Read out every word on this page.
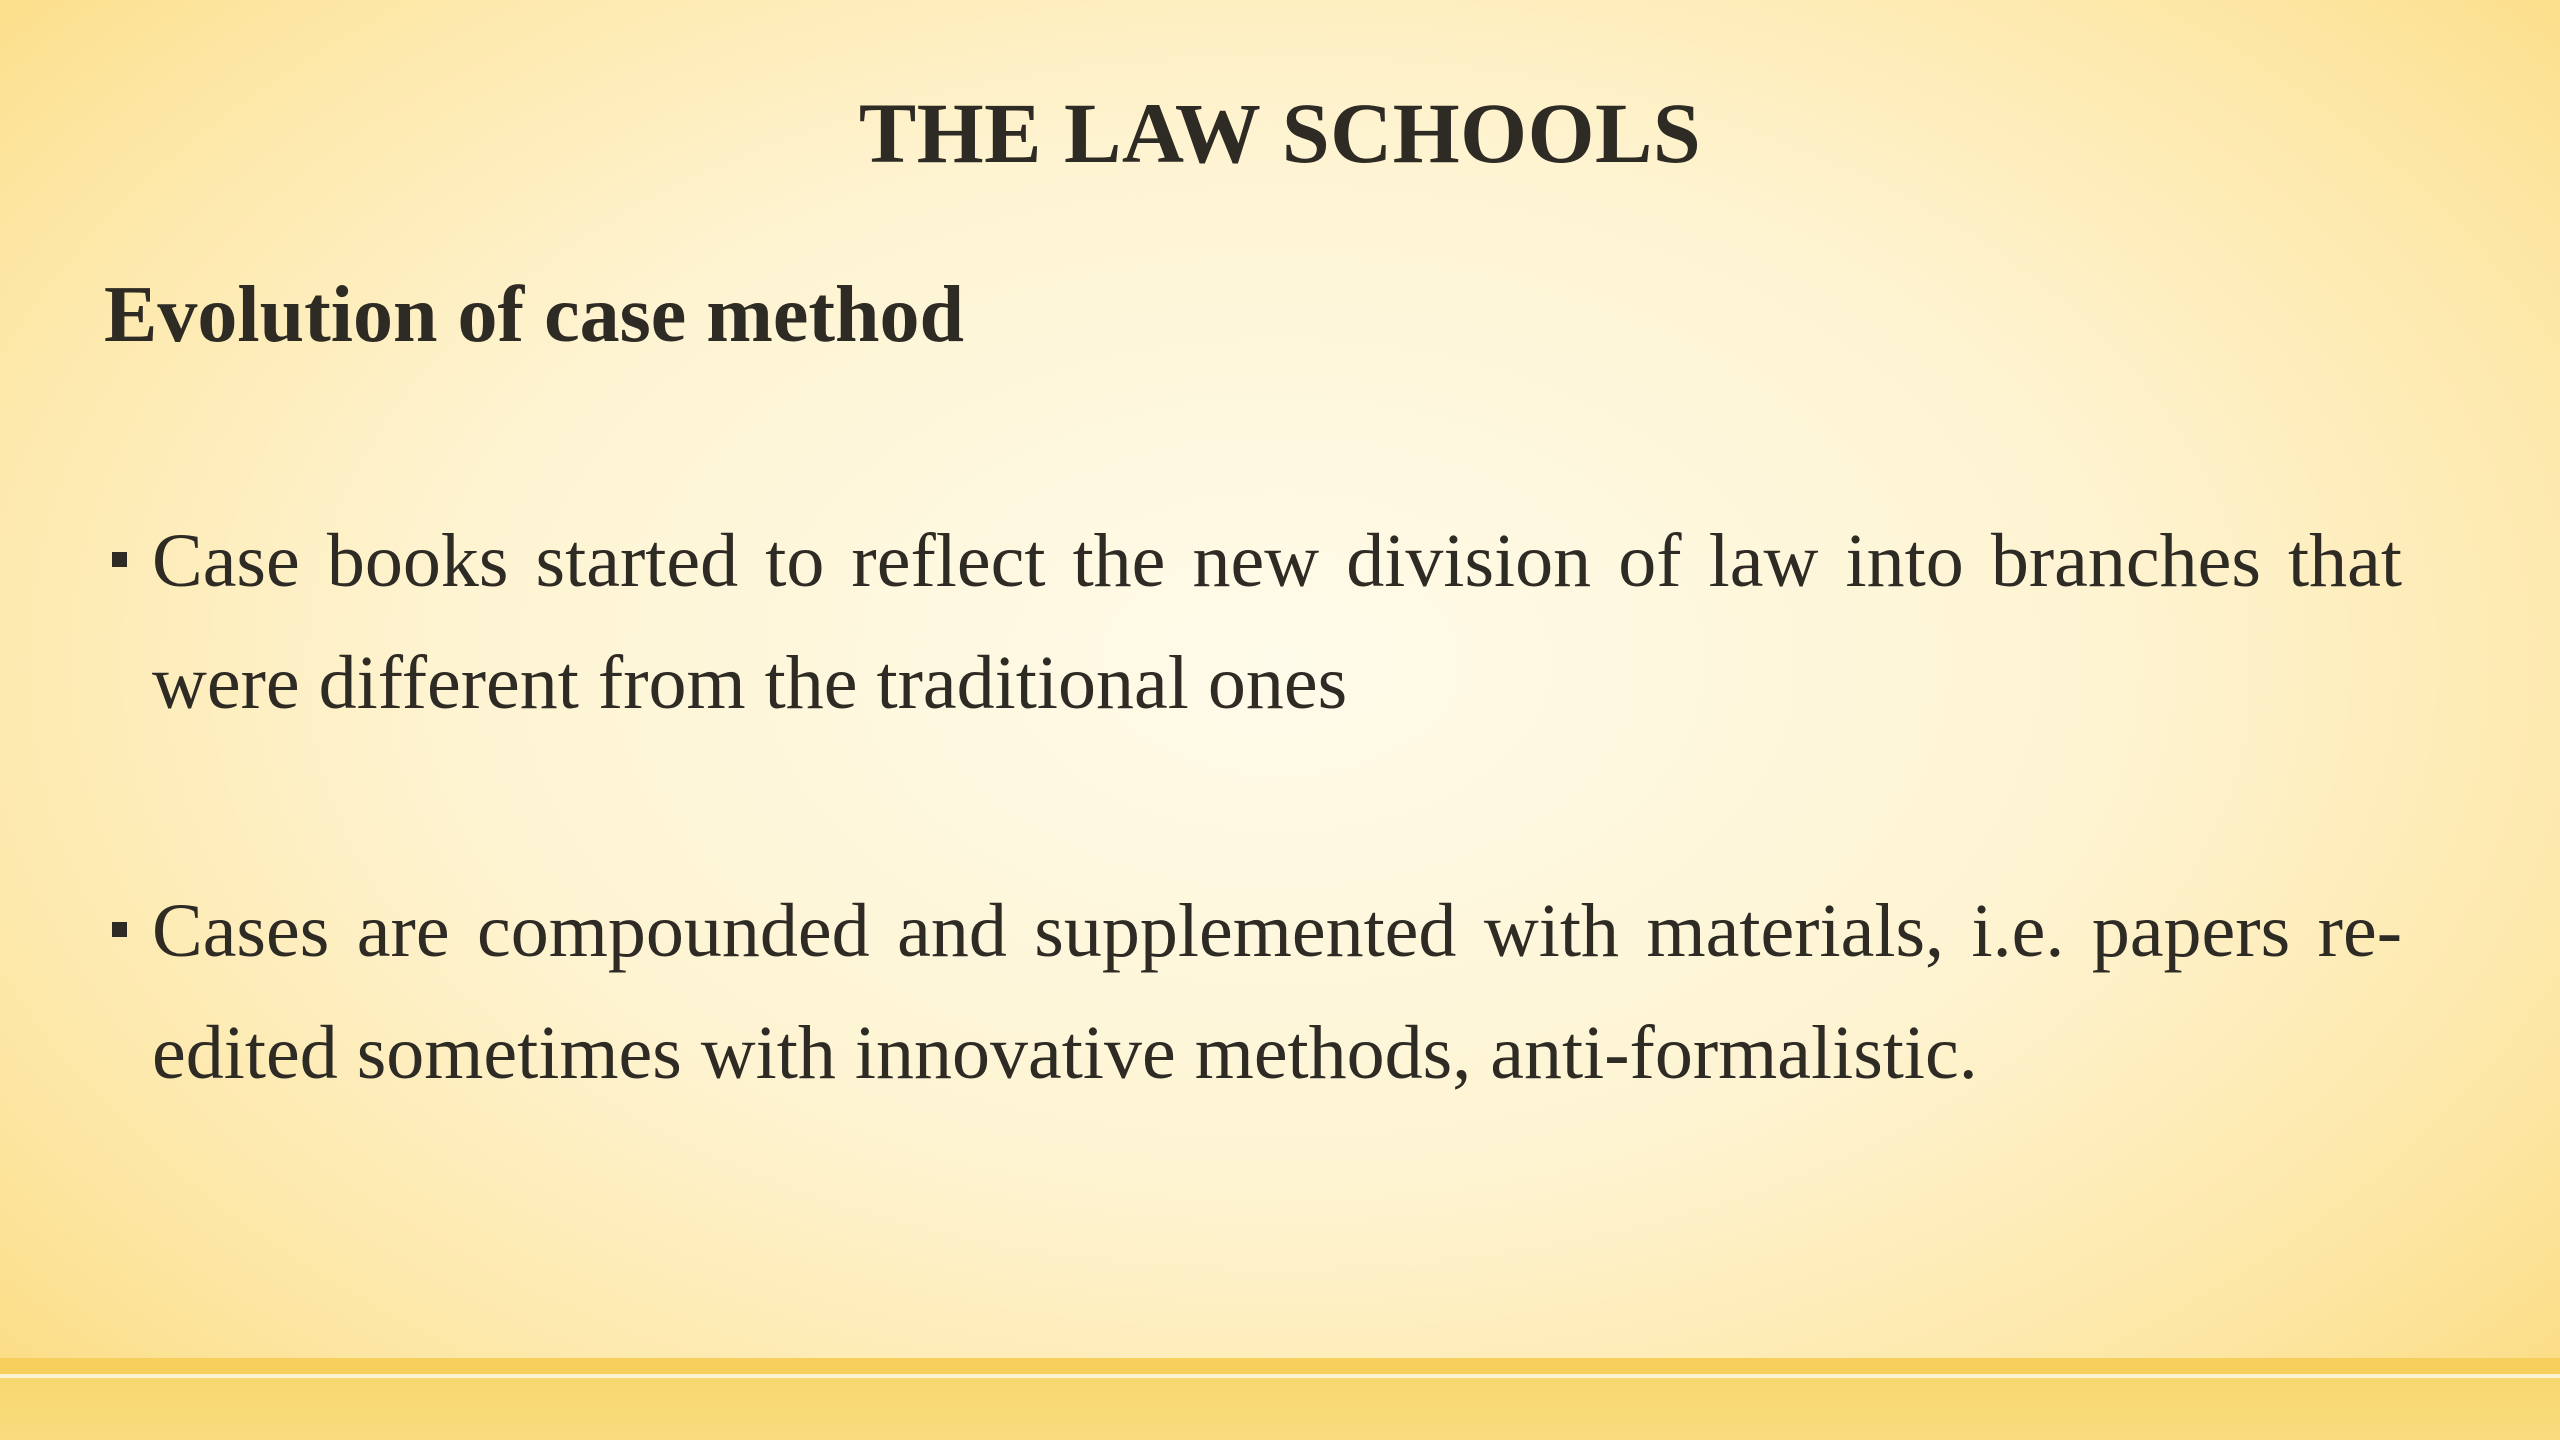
THE LAW SCHOOLS
Evolution of case method
Case books started to reflect the new division of law into branches that were different from the traditional ones
Cases are compounded and supplemented with materials, i.e. papers re-edited sometimes with innovative methods, anti-formalistic.
